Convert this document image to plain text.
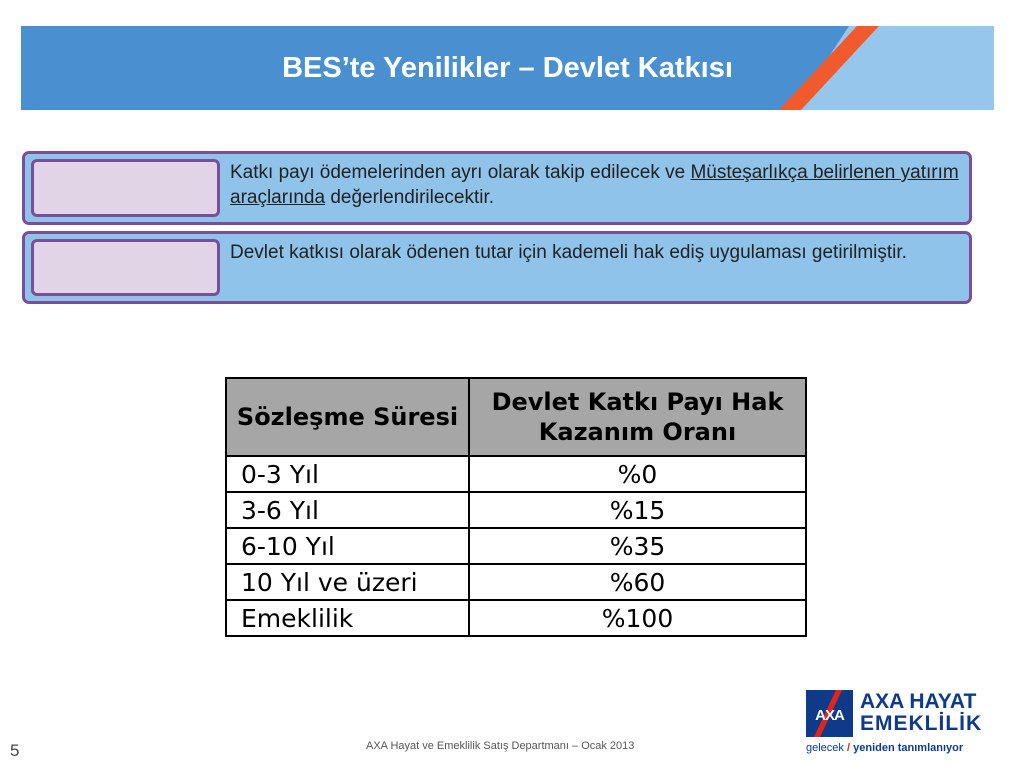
BES’te Yenilikler – Devlet Katkısı
Katkı payı ödemelerinden ayrı olarak takip edilecek ve Müsteşarlıkça belirlenen yatırım araçlarında değerlendirilecektir.
Devlet katkısı olarak ödenen tutar için kademeli hak ediş uygulaması getirilmiştir.
Sözleşme Süresi	Devlet Katkı Payı Hak Kazanım Oranı
0-3 Yıl	%0
3-6 Yıl	%15
6-10 Yıl	%35
10 Yıl ve üzeri	%60
Emeklilik	%100
5	AXA Hayat ve Emeklilik Satış Departmanı – Ocak 2013
AXA
AXA HAYAT
EMEKLİLİK
gelecek / yeniden tanımlanıyor
